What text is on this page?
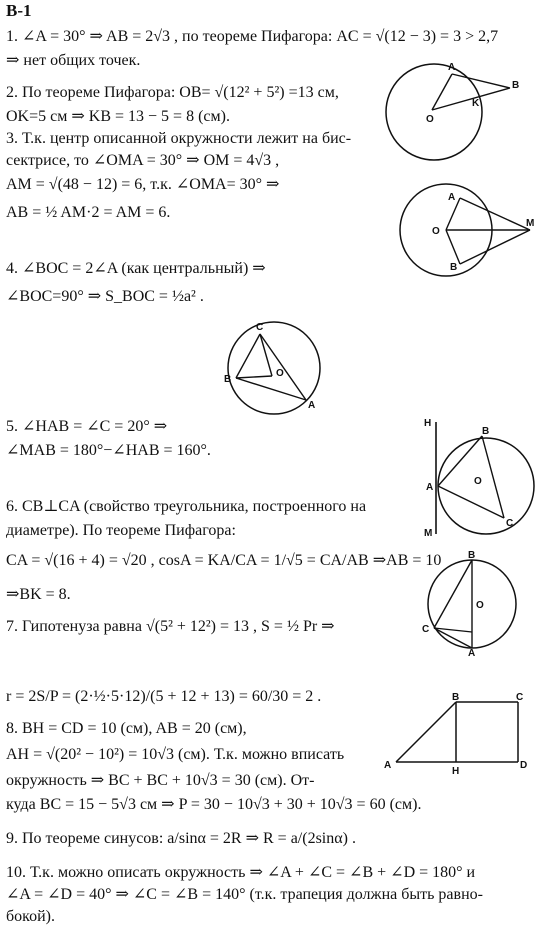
В-1
1. ∠A = 30° ⇒ AB = 2√3 , по теореме Пифагора: AC = √(12 − 3) = 3 > 2,7
⇒ нет общих точек.
2. По теореме Пифагора: OB= √(12² + 5²) =13 см,
OK=5 см ⇒ KB = 13 − 5 = 8 (см).
3. Т.к. центр описанной окружности лежит на бис-
сектрисе, то ∠OMA = 30° ⇒ OM = 4√3 ,
AM = √(48 − 12) = 6, т.к. ∠OMA= 30° ⇒
AB = ½ AM·2 = AM = 6.
4. ∠BOC = 2∠A (как центральный) ⇒
∠BOC=90° ⇒ S_BOC = ½a² .
5. ∠HAB = ∠C = 20° ⇒
∠MAB = 180°−∠HAB = 160°.
6. CB⊥CA (свойство треугольника, построенного на
диаметре). По теореме Пифагора:
CA = √(16 + 4) = √20 , cosA = KA/CA = 1/√5 = CA/AB ⇒AB = 10
⇒BK = 8.
7. Гипотенуза равна √(5² + 12²) = 13 , S = ½ Pr ⇒
r = 2S/P = (2·½·5·12)/(5 + 12 + 13) = 60/30 = 2 .
8. BH = CD = 10 (см), AB = 20 (см),
AH = √(20² − 10²) = 10√3 (см). Т.к. можно вписать
окружность ⇒ BC + BC + 10√3 = 30 (см). От-
куда BC = 15 − 5√3 см ⇒ P = 30 − 10√3 + 30 + 10√3 = 60 (см).
9. По теореме синусов: a/sinα = 2R ⇒ R = a/(2sinα) .
10. Т.к. можно описать окружность ⇒ ∠A + ∠C = ∠B + ∠D = 180° и
∠A = ∠D = 40° ⇒ ∠C = ∠B = 140° (т.к. трапеция должна быть равно-
бокой).
A
B
O
K
A
O
M
B
C
O
B
A
H
B
A
O
C
M
B
O
C
A
B	C
A
H
D
